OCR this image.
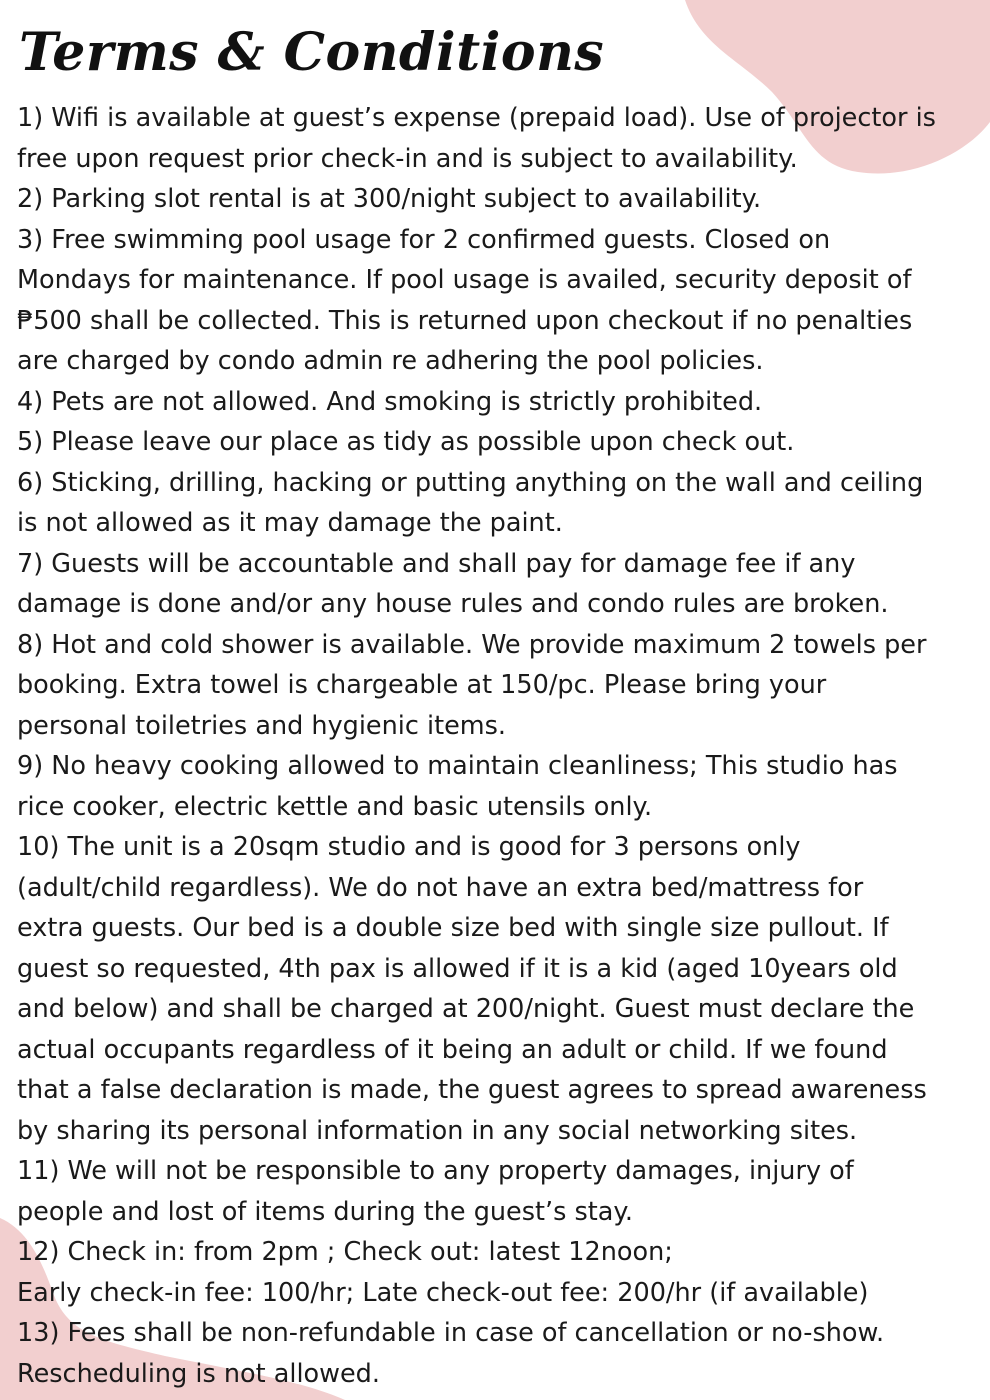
Terms & Conditions
1) Wifi is available at guest’s expense (prepaid load). Use of projector is
free upon request prior check-in and is subject to availability.
2) Parking slot rental is at 300/night subject to availability.
3) Free swimming pool usage for 2 confirmed guests. Closed on
Mondays for maintenance. If pool usage is availed, security deposit of
₱500 shall be collected. This is returned upon checkout if no penalties
are charged by condo admin re adhering the pool policies.
4) Pets are not allowed. And smoking is strictly prohibited.
5) Please leave our place as tidy as possible upon check out.
6) Sticking, drilling, hacking or putting anything on the wall and ceiling
is not allowed as it may damage the paint.
7) Guests will be accountable and shall pay for damage fee if any
damage is done and/or any house rules and condo rules are broken.
8) Hot and cold shower is available. We provide maximum 2 towels per
booking. Extra towel is chargeable at 150/pc. Please bring your
personal toiletries and hygienic items.
9) No heavy cooking allowed to maintain cleanliness; This studio has
rice cooker, electric kettle and basic utensils only.
10) The unit is a 20sqm studio and is good for 3 persons only
(adult/child regardless). We do not have an extra bed/mattress for
extra guests. Our bed is a double size bed with single size pullout. If
guest so requested, 4th pax is allowed if it is a kid (aged 10years old
and below) and shall be charged at 200/night. Guest must declare the
actual occupants regardless of it being an adult or child. If we found
that a false declaration is made, the guest agrees to spread awareness
by sharing its personal information in any social networking sites.
11) We will not be responsible to any property damages, injury of
people and lost of items during the guest’s stay.
12) Check in: from 2pm ; Check out: latest 12noon;
Early check-in fee: 100/hr; Late check-out fee: 200/hr (if available)
13) Fees shall be non-refundable in case of cancellation or no-show.
Rescheduling is not allowed.
